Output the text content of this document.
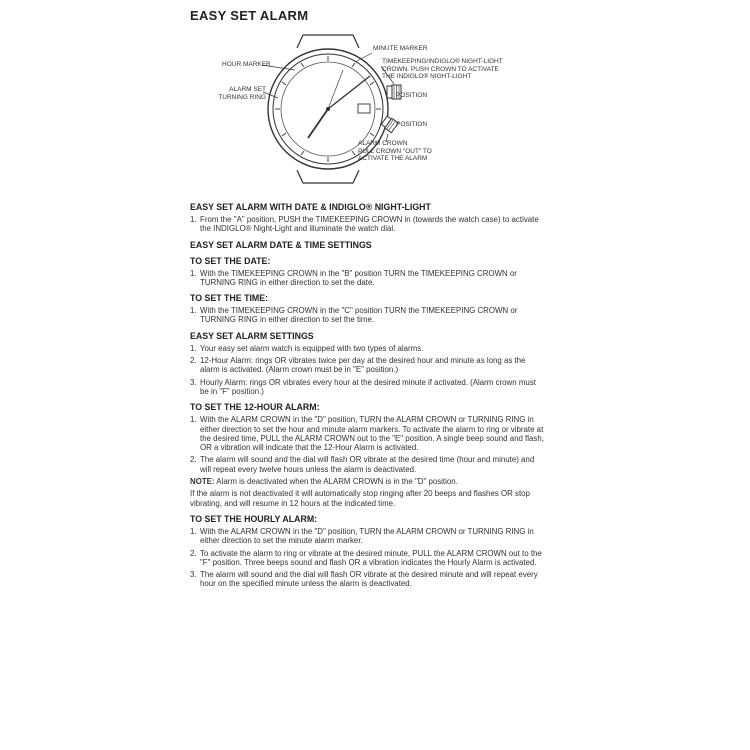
EASY SET ALARM
HOUR MARKER
MINUTE MARKER
ALARM SET
TURNING RING
TIMEKEEPING/INDIGLO® NIGHT-LIGHT
CROWN. PUSH CROWN TO ACTIVATE
THE INDIGLO® NIGHT-LIGHT
POSITION
POSITION
ALARM CROWN
PULL CROWN "OUT" TO
ACTIVATE THE ALARM
EASY SET ALARM WITH DATE & INDIGLO® NIGHT-LIGHT
1. From the "A" position, PUSH the TIMEKEEPING CROWN in (towards the watch case) to activate the INDIGLO® Night-Light and illuminate the watch dial.
EASY SET ALARM DATE & TIME SETTINGS
TO SET THE DATE:
1. With the TIMEKEEPING CROWN in the "B" position TURN the TIMEKEEPING CROWN or TURNING RING in either direction to set the date.
TO SET THE TIME:
1. With the TIMEKEEPING CROWN in the "C" position TURN the TIMEKEEPING CROWN or TURNING RING in either direction to set the time.
EASY SET ALARM SETTINGS
1. Your easy set alarm watch is equipped with two types of alarms.
2. 12-Hour Alarm: rings OR vibrates twice per day at the desired hour and minute as long as the alarm is activated. (Alarm crown must be in "E" position.)
3. Hourly Alarm: rings OR vibrates every hour at the desired minute if activated. (Alarm crown must be in "F" position.)
TO SET THE 12-HOUR ALARM:
1. With the ALARM CROWN in the "D" position, TURN the ALARM CROWN or TURNING RING in either direction to set the hour and minute alarm markers. To activate the alarm to ring or vibrate at the desired time, PULL the ALARM CROWN out to the "E" position. A single beep sound and flash, OR a vibration will indicate that the 12-Hour Alarm is activated.
2. The alarm will sound and the dial will flash OR vibrate at the desired time (hour and minute) and will repeat every twelve hours unless the alarm is deactivated.
NOTE: Alarm is deactivated when the ALARM CROWN is in the "D" position.
If the alarm is not deactivated it will automatically stop ringing after 20 beeps and flashes OR stop vibrating, and will resume in 12 hours at the indicated time.
TO SET THE HOURLY ALARM:
1. With the ALARM CROWN in the "D" position, TURN the ALARM CROWN or TURNING RING in either direction to set the minute alarm marker.
2. To activate the alarm to ring or vibrate at the desired minute, PULL the ALARM CROWN out to the "F" position. Three beeps sound and flash OR a vibration indicates the Hourly Alarm is activated.
3. The alarm will sound and the dial will flash OR vibrate at the desired minute and will repeat every hour on the specified minute unless the alarm is deactivated.
